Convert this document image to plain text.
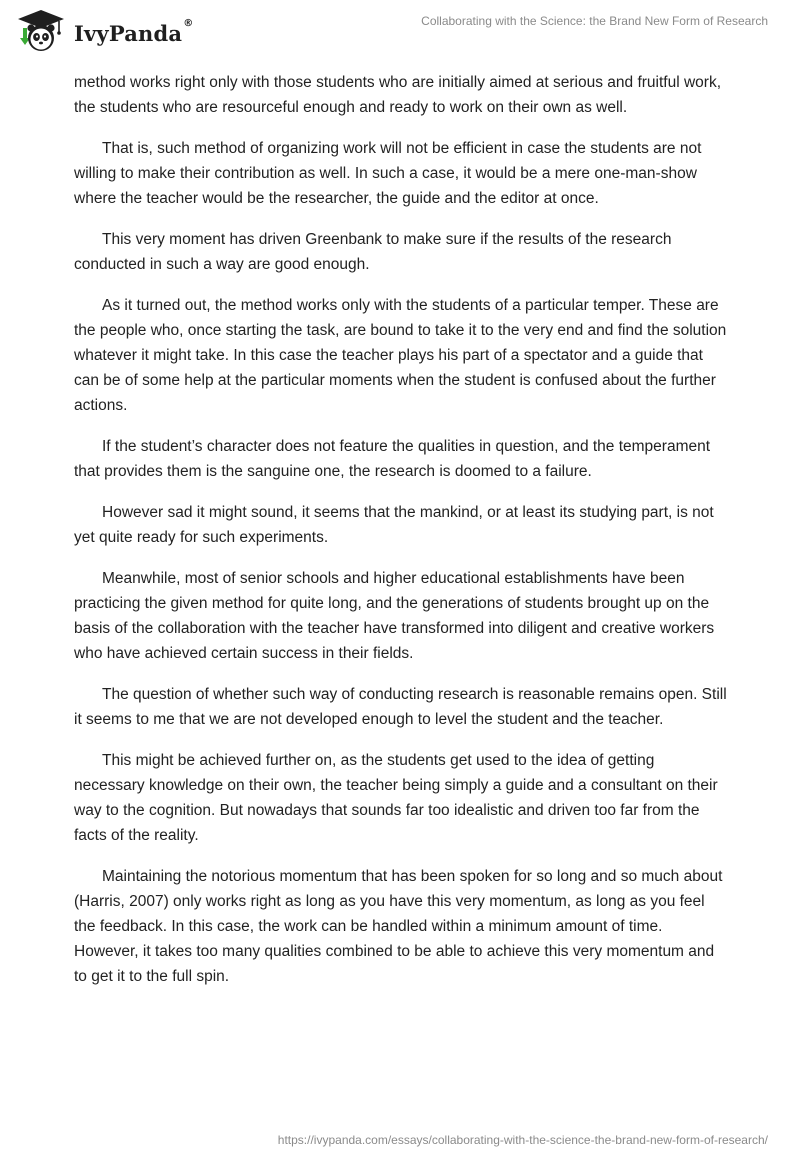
IvyPanda®	Collaborating with the Science: the Brand New Form of Research

method works right only with those students who are initially aimed at serious and fruitful work, the students who are resourceful enough and ready to work on their own as well.

That is, such method of organizing work will not be efficient in case the students are not willing to make their contribution as well. In such a case, it would be a mere one-man-show where the teacher would be the researcher, the guide and the editor at once.

This very moment has driven Greenbank to make sure if the results of the research conducted in such a way are good enough.

As it turned out, the method works only with the students of a particular temper. These are the people who, once starting the task, are bound to take it to the very end and find the solution whatever it might take. In this case the teacher plays his part of a spectator and a guide that can be of some help at the particular moments when the student is confused about the further actions.

If the student’s character does not feature the qualities in question, and the temperament that provides them is the sanguine one, the research is doomed to a failure.

However sad it might sound, it seems that the mankind, or at least its studying part, is not yet quite ready for such experiments.

Meanwhile, most of senior schools and higher educational establishments have been practicing the given method for quite long, and the generations of students brought up on the basis of the collaboration with the teacher have transformed into diligent and creative workers who have achieved certain success in their fields.

The question of whether such way of conducting research is reasonable remains open. Still it seems to me that we are not developed enough to level the student and the teacher.

This might be achieved further on, as the students get used to the idea of getting necessary knowledge on their own, the teacher being simply a guide and a consultant on their way to the cognition. But nowadays that sounds far too idealistic and driven too far from the facts of the reality.

Maintaining the notorious momentum that has been spoken for so long and so much about (Harris, 2007) only works right as long as you have this very momentum, as long as you feel the feedback. In this case, the work can be handled within a minimum amount of time. However, it takes too many qualities combined to be able to achieve this very momentum and to get it to the full spin.

https://ivypanda.com/essays/collaborating-with-the-science-the-brand-new-form-of-research/
